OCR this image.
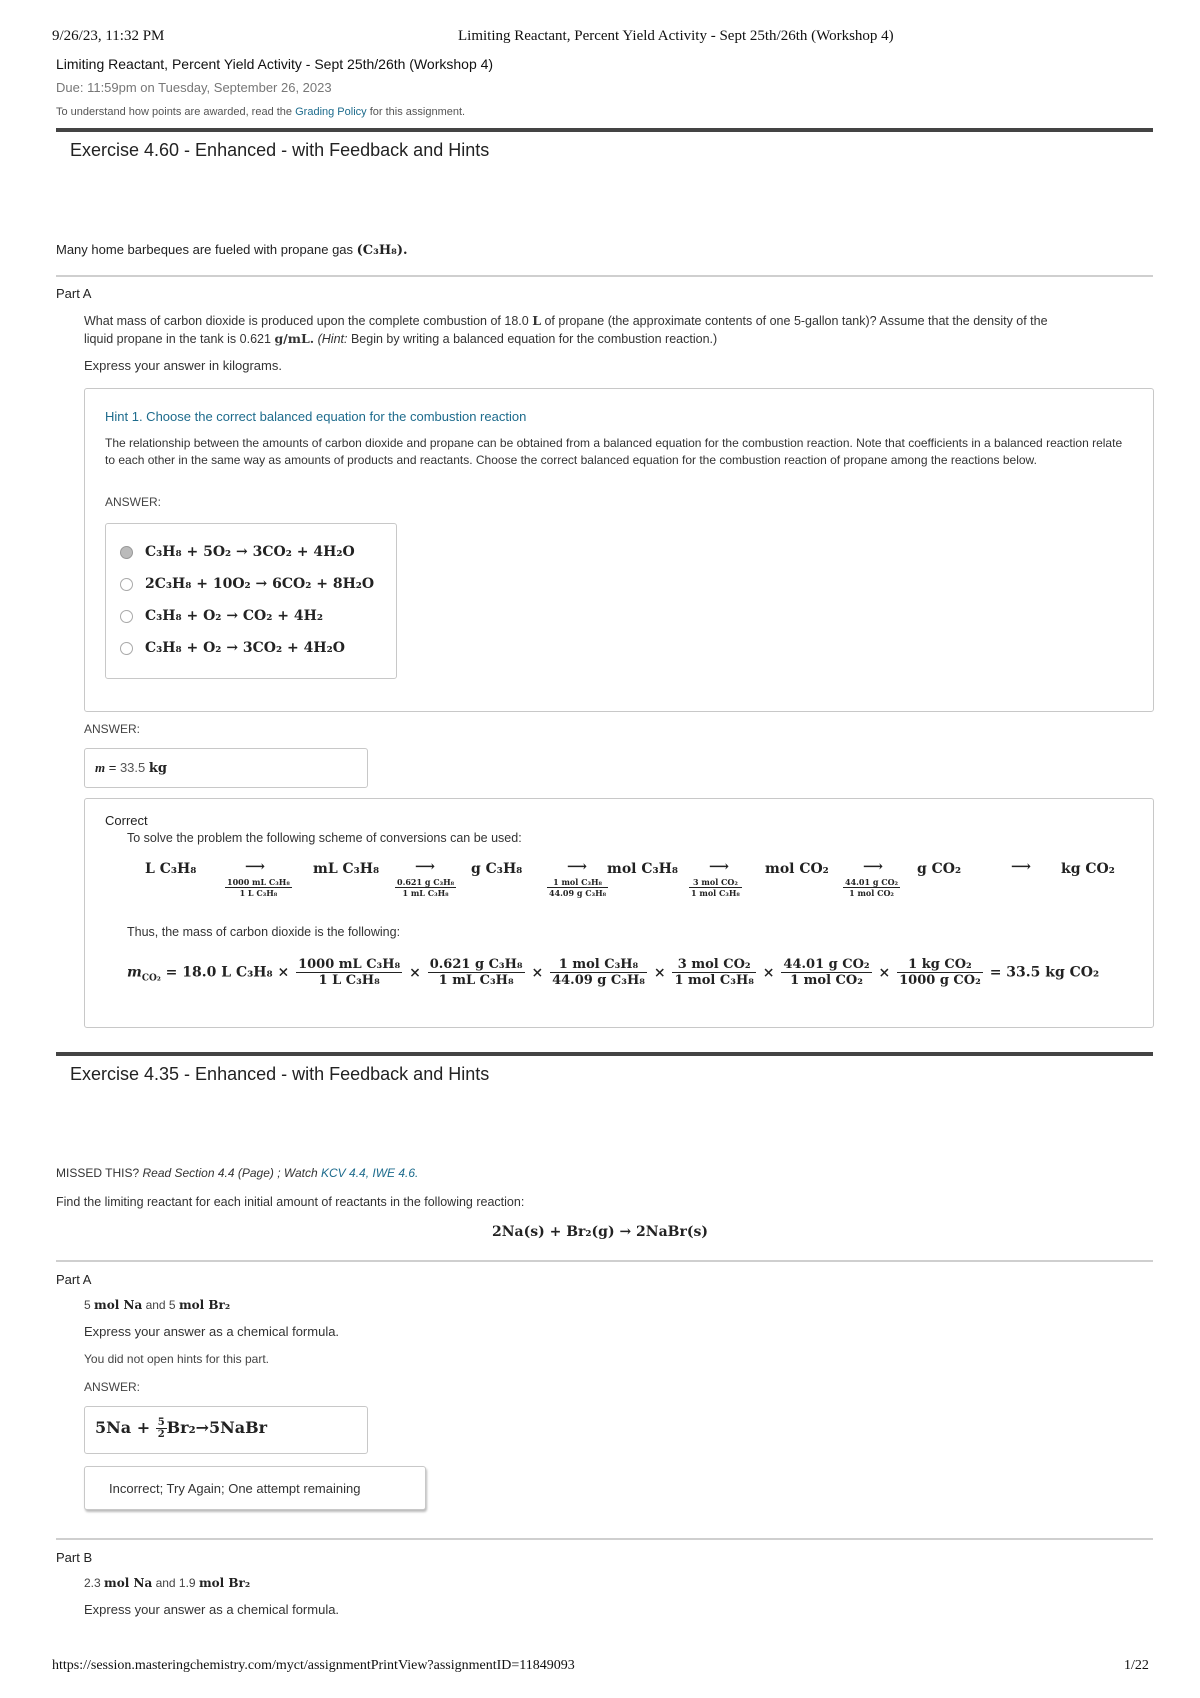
9/26/23, 11:32 PM	Limiting Reactant, Percent Yield Activity - Sept 25th/26th (Workshop 4)
Limiting Reactant, Percent Yield Activity - Sept 25th/26th (Workshop 4)
Due: 11:59pm on Tuesday, September 26, 2023
To understand how points are awarded, read the Grading Policy for this assignment.
Exercise 4.60 - Enhanced - with Feedback and Hints
Many home barbeques are fueled with propane gas (C₃H₈).
Part A
What mass of carbon dioxide is produced upon the complete combustion of 18.0 L of propane (the approximate contents of one 5-gallon tank)? Assume that the density of the
liquid propane in the tank is 0.621 g/mL. (Hint: Begin by writing a balanced equation for the combustion reaction.)
Express your answer in kilograms.
Hint 1. Choose the correct balanced equation for the combustion reaction
The relationship between the amounts of carbon dioxide and propane can be obtained from a balanced equation for the combustion reaction. Note that coefficients in a balanced reaction relate to each other in the same way as amounts of products and reactants. Choose the correct balanced equation for the combustion reaction of propane among the reactions below.
ANSWER:
C₃H₈ + 5O₂ → 3CO₂ + 4H₂O
2C₃H₈ + 10O₂ → 6CO₂ + 8H₂O
C₃H₈ + O₂ → CO₂ + 4H₂
C₃H₈ + O₂ → 3CO₂ + 4H₂O
ANSWER:
m = 33.5 kg
Correct
To solve the problem the following scheme of conversions can be used:
L C₃H₈	mL C₃H₈	g C₃H₈	mol C₃H₈	mol CO₂	g CO₂	kg CO₂
⟶
$\frac{\text{1000 mL C₃H₈}}{\text{1 L C₃H₈}}$
⟶
$\frac{\text{0.621 g C₃H₈}}{\text{1 mL C₃H₈}}$
⟶
1 mol C₃H₈
44.09 g C₃H₈
⟶
3 mol CO₂
1 mol C₃H₈
⟶
44.01 g CO₂
1 mol CO₂
⟶
Thus, the mass of carbon dioxide is the following:
$m_{CO_2} = 18.0$ L $C_3H_8 \times \frac{\text{1000 mL C₃H₈}}{\text{1 L C₃H₈}} \times \frac{\text{0.621 g C₃H₈}}{\text{1 mL C₃H₈}} \times \frac{\text{1 mol C₃H₈}}{\text{44.09 g C₃H₈}} \times \frac{\text{3 mol CO₂}}{\text{1 mol C₃H₈}} \times \frac{\text{44.01 g CO₂}}{\text{1 mol CO₂}} \times \frac{\text{1 kg CO₂}}{\text{1000 g CO₂}} = 33.5$ kg CO₂
Exercise 4.35 - Enhanced - with Feedback and Hints
MISSED THIS? Read Section 4.4 (Page) ; Watch KCV 4.4, IWE 4.6.
Find the limiting reactant for each initial amount of reactants in the following reaction:
2Na(s) + Br₂(g) → 2NaBr(s)
Part A
5 mol Na and 5 mol Br₂
Express your answer as a chemical formula.
You did not open hints for this part.
ANSWER:
$5Na + \frac{5}{2}$ Br₂→5NaBr
Incorrect; Try Again; One attempt remaining
Part B
2.3 mol Na and 1.9 mol Br₂
Express your answer as a chemical formula.
https://session.masteringchemistry.com/myct/assignmentPrintView?assignmentID=11849093	1/22
